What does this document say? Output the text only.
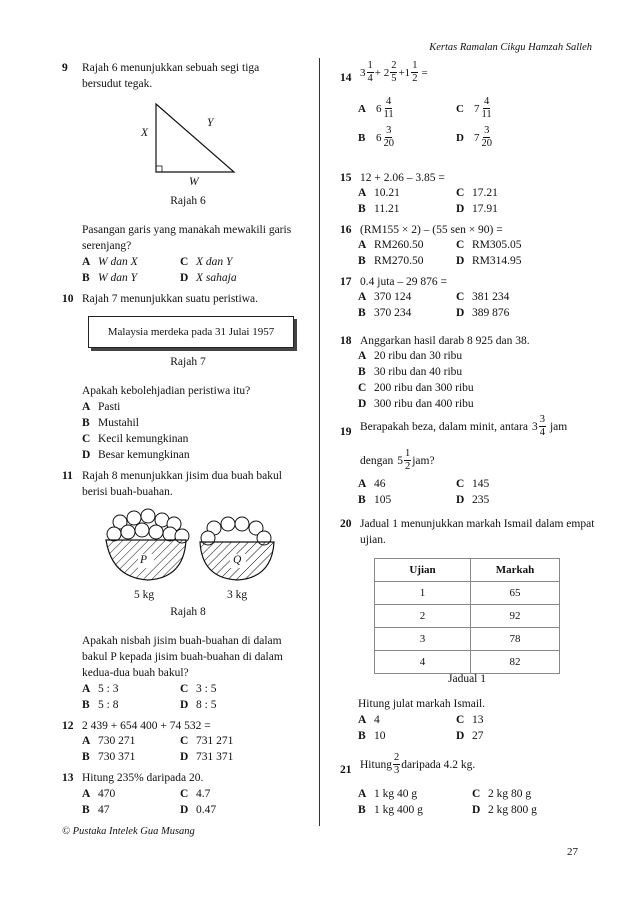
Kertas Ramalan Cikgu Hamzah Salleh
9 Rajah 6 menunjukkan sebuah segi tiga bersudut tegak.
X
Y
W
Rajah 6
Pasangan garis yang manakah mewakili garis serenjang?
A W dan X	C X dan Y
B W dan Y	D X sahaja
10 Rajah 7 menunjukkan suatu peristiwa.
Malaysia merdeka pada 31 Julai 1957
Rajah 7
Apakah kebolehjadian peristiwa itu?
A Pasti
B Mustahil
C Kecil kemungkinan
D Besar kemungkinan
11 Rajah 8 menunjukkan jisim dua buah bakul berisi buah-buahan.
P	Q
5 kg	3 kg
Rajah 8
Apakah nisbah jisim buah-buahan di dalam bakul P kepada jisim buah-buahan di dalam kedua-dua buah bakul?
A 5 : 3	C 3 : 5
B 5 : 8	D 8 : 5
12 2 439 + 654 400 + 74 532 =
A 730 271	C 731 271
B 730 371	D 731 371
13 Hitung 235% daripada 20.
A 470	C 4.7
B 47	D 0.47
14 $3 \frac{1}{4} + 2 \frac{2}{5} +1 \frac{1}{2}$ =
A $6 \frac{4}{11}$	C $7 \frac{4}{11}$
B $6 \frac{3}{20}$	D $7 \frac{3}{20}$
15 12 + 2.06 – 3.85 =
A 10.21	C 17.21
B 11.21	D 17.91
16 (RM155 × 2) – (55 sen × 90) =
A RM260.50	C RM305.05
B RM270.50	D RM314.95
17 0.4 juta – 29 876 =
A 370 124	C 381 234
B 370 234	D 389 876
18 Anggarkan hasil darab 8 925 dan 38.
A 20 ribu dan 30 ribu
B 30 ribu dan 40 ribu
C 200 ribu dan 300 ribu
D 300 ribu dan 400 ribu
19 Berapakah beza, dalam minit, antara $3 \frac{3}{4}$ jam
dengan $5 \frac{1}{2}$ jam?
A 46	C 145
B 105	D 235
20 Jadual 1 menunjukkan markah Ismail dalam empat ujian.
Ujian	Markah
1	65
2	92
3	78
4	82
Jadual 1
Hitung julat markah Ismail.
A 4	C 13
B 10	D 27
21 Hitung $\frac{2}{3}$ daripada 4.2 kg.
A 1 kg 40 g	C 2 kg 80 g
B 1 kg 400 g	D 2 kg 800 g
© Pustaka Intelek Gua Musang
27
